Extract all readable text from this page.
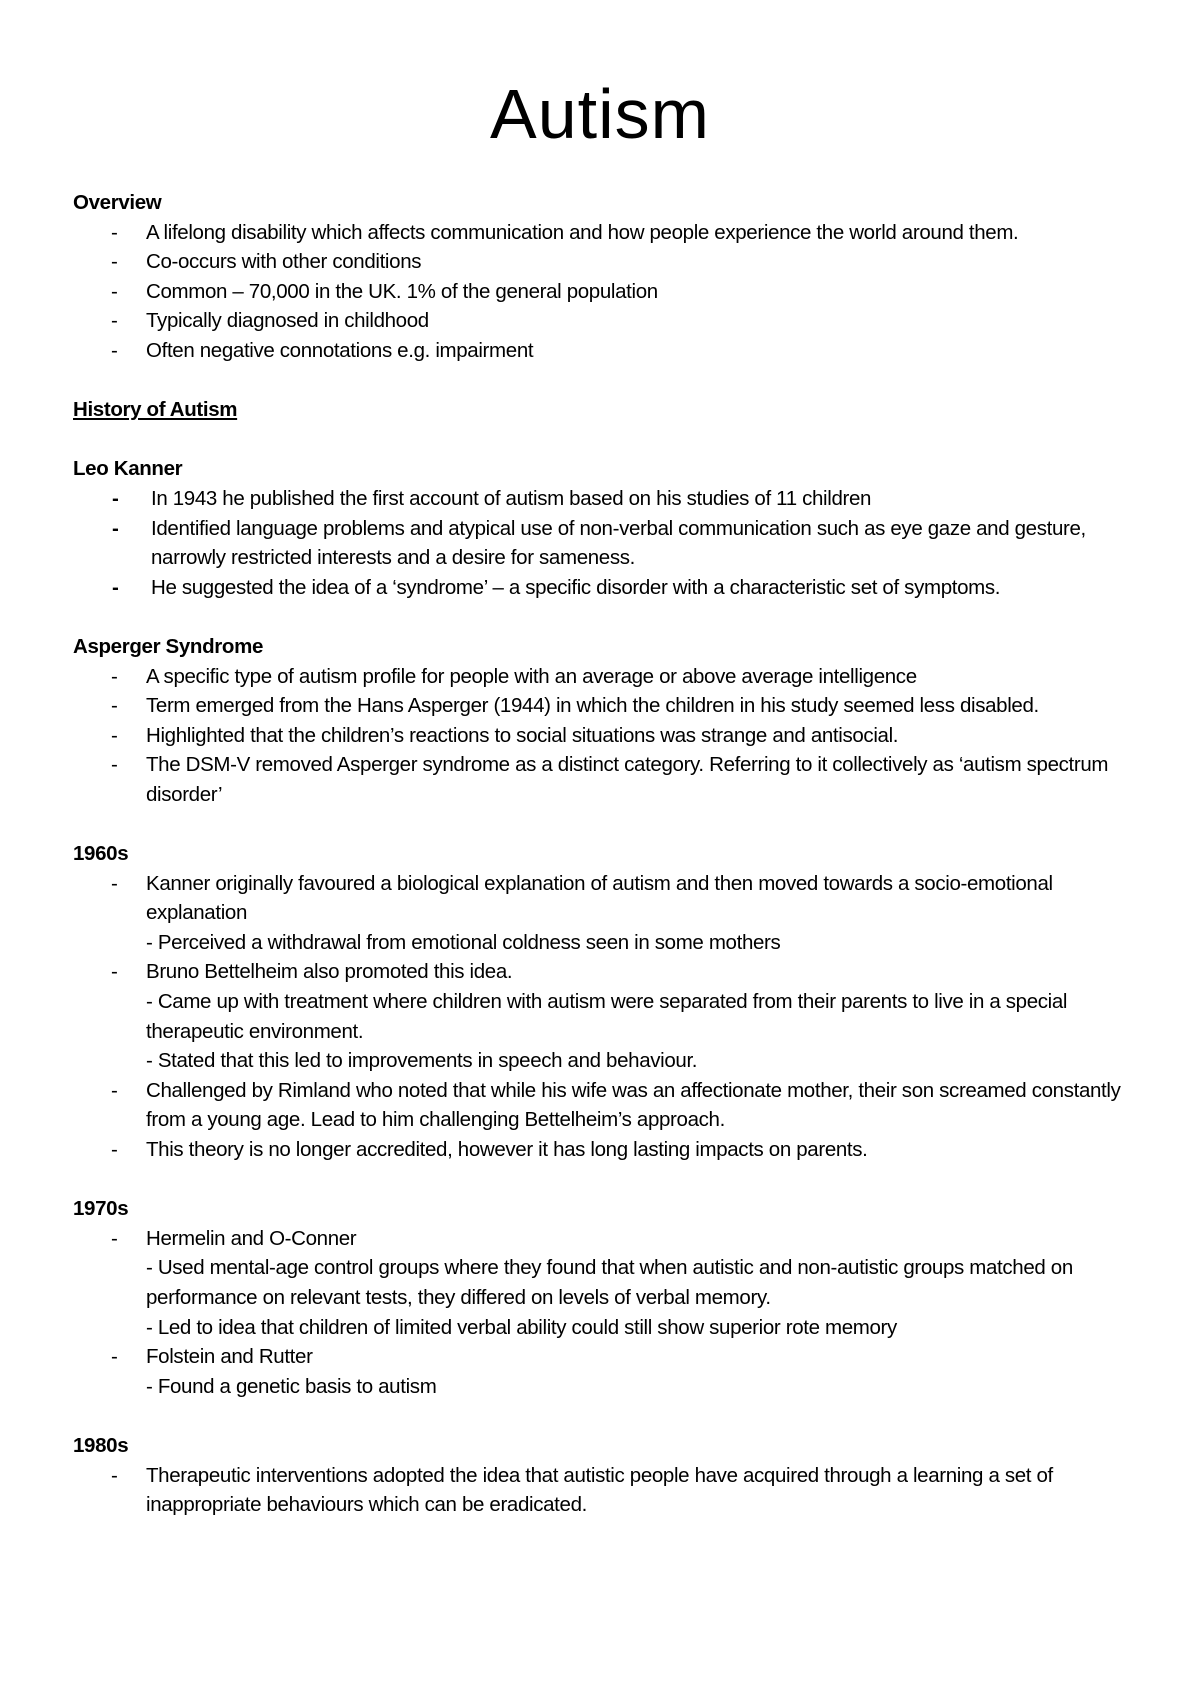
Autism
Overview
- A lifelong disability which affects communication and how people experience the world around them.
- Co-occurs with other conditions
- Common – 70,000 in the UK. 1% of the general population
- Typically diagnosed in childhood
- Often negative connotations e.g. impairment
History of Autism
Leo Kanner
- In 1943 he published the first account of autism based on his studies of 11 children
- Identified language problems and atypical use of non-verbal communication such as eye gaze and gesture, narrowly restricted interests and a desire for sameness.
- He suggested the idea of a ‘syndrome’ – a specific disorder with a characteristic set of symptoms.
Asperger Syndrome
- A specific type of autism profile for people with an average or above average intelligence
- Term emerged from the Hans Asperger (1944) in which the children in his study seemed less disabled.
- Highlighted that the children’s reactions to social situations was strange and antisocial.
- The DSM-V removed Asperger syndrome as a distinct category. Referring to it collectively as ‘autism spectrum disorder’
1960s
- Kanner originally favoured a biological explanation of autism and then moved towards a socio-emotional explanation
- Perceived a withdrawal from emotional coldness seen in some mothers
- Bruno Bettelheim also promoted this idea.
- Came up with treatment where children with autism were separated from their parents to live in a special therapeutic environment.
- Stated that this led to improvements in speech and behaviour.
- Challenged by Rimland who noted that while his wife was an affectionate mother, their son screamed constantly from a young age. Lead to him challenging Bettelheim’s approach.
- This theory is no longer accredited, however it has long lasting impacts on parents.
1970s
- Hermelin and O-Conner
- Used mental-age control groups where they found that when autistic and non-autistic groups matched on performance on relevant tests, they differed on levels of verbal memory.
- Led to idea that children of limited verbal ability could still show superior rote memory
- Folstein and Rutter
- Found a genetic basis to autism
1980s
- Therapeutic interventions adopted the idea that autistic people have acquired through a learning a set of inappropriate behaviours which can be eradicated.
